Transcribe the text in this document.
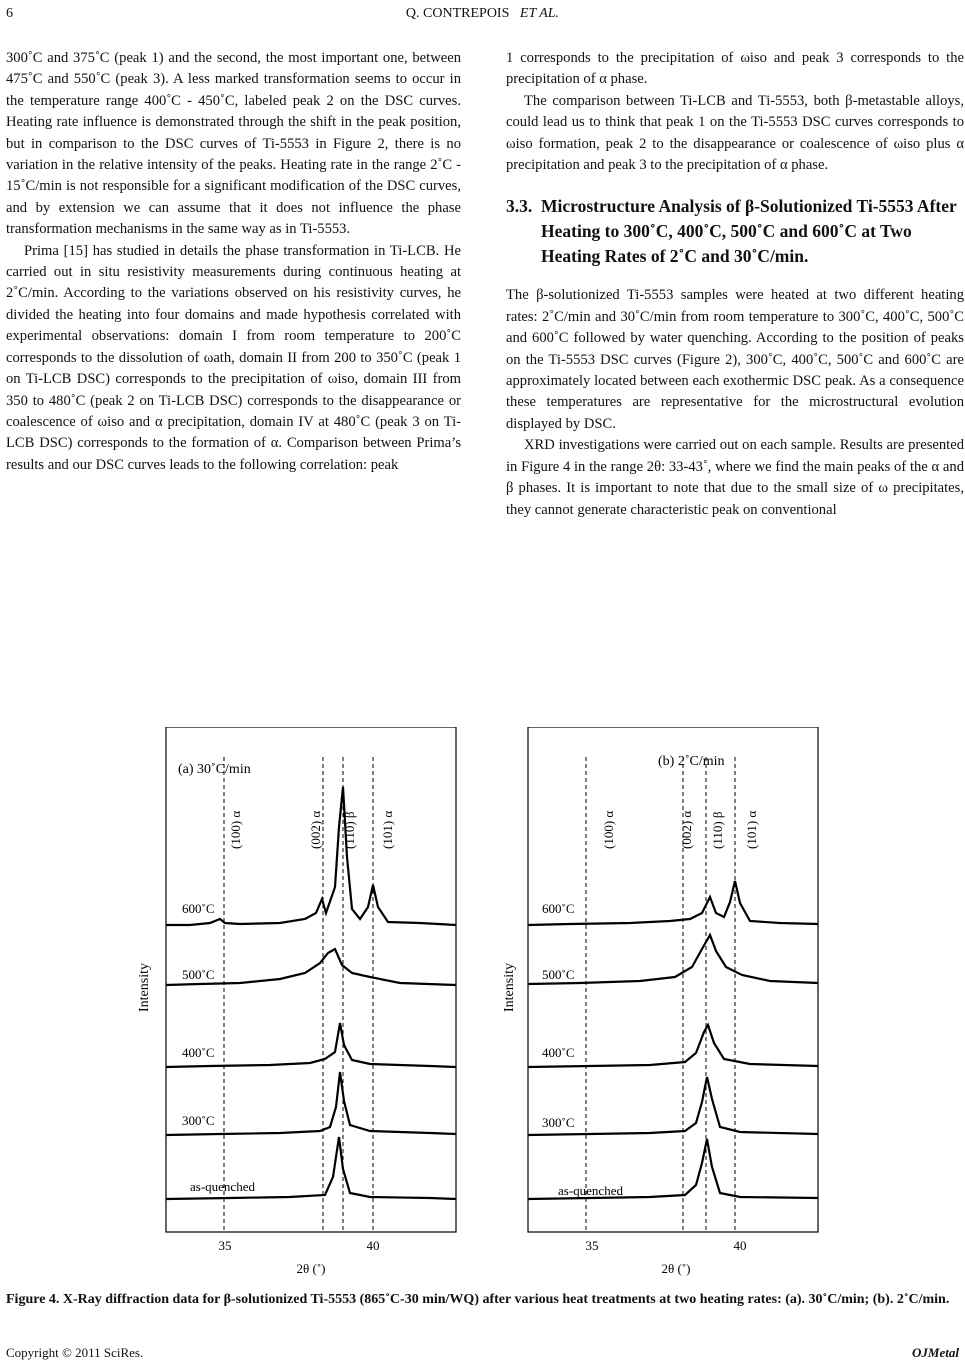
6	Q. CONTREPOIS ET AL.

300˚C and 375˚C (peak 1) and the second, the most important one, between 475˚C and 550˚C (peak 3). A less marked transformation seems to occur in the temperature range 400˚C - 450˚C, labeled peak 2 on the DSC curves. Heating rate influence is demonstrated through the shift in the peak position, but in comparison to the DSC curves of Ti-5553 in Figure 2, there is no variation in the relative intensity of the peaks. Heating rate in the range 2˚C - 15˚C/min is not responsible for a significant modification of the DSC curves, and by extension we can assume that it does not influence the phase transformation mechanisms in the same way as in Ti-5553.

Prima [15] has studied in details the phase transformation in Ti-LCB. He carried out in situ resistivity measurements during continuous heating at 2˚C/min. According to the variations observed on his resistivity curves, he divided the heating into four domains and made hypothesis correlated with experimental observations: domain I from room temperature to 200˚C corresponds to the dissolution of ωath, domain II from 200 to 350˚C (peak 1 on Ti-LCB DSC) corresponds to the precipitation of ωiso, domain III from 350 to 480˚C (peak 2 on Ti-LCB DSC) corresponds to the disappearance or coalescence of ωiso and α precipitation, domain IV at 480˚C (peak 3 on Ti-LCB DSC) corresponds to the formation of α. Comparison between Prima’s results and our DSC curves leads to the following correlation: peak

1 corresponds to the precipitation of ωiso and peak 3 corresponds to the precipitation of α phase.

The comparison between Ti-LCB and Ti-5553, both β-metastable alloys, could lead us to think that peak 1 on the Ti-5553 DSC curves corresponds to ωiso formation, peak 2 to the disappearance or coalescence of ωiso plus α precipitation and peak 3 to the precipitation of α phase.

3.3. Microstructure Analysis of β-Solutionized Ti-5553 After Heating to 300˚C, 400˚C, 500˚C and 600˚C at Two Heating Rates of 2˚C and 30˚C/min.

The β-solutionized Ti-5553 samples were heated at two different heating rates: 2˚C/min and 30˚C/min from room temperature to 300˚C, 400˚C, 500˚C and 600˚C followed by water quenching. According to the position of peaks on the Ti-5553 DSC curves (Figure 2), 300˚C, 400˚C, 500˚C and 600˚C are approximately located between each exothermic DSC peak. As a consequence these temperatures are representative for the microstructural evolution displayed by DSC.

XRD investigations were carried out on each sample. Results are presented in Figure 4 in the range 2θ: 33-43˚, where we find the main peaks of the α and β phases. It is important to note that due to the small size of ω precipitates, they cannot generate characteristic peak on conventional

(a) 30˚C/min
(100) α	(002) α (110) β (101) α
600˚C
500˚C
400˚C
300˚C
as-quenched
Intensity
35	40
2θ (˚)
(b) 2˚C/min
(100) α	(002) α (110) β (101) α
600˚C
500˚C
400˚C
300˚C
as-quenched
Intensity
35	40
2θ (˚)
Figure 4. X-Ray diffraction data for β-solutionized Ti-5553 (865˚C-30 min/WQ) after various heat treatments at two heating rates: (a). 30˚C/min; (b). 2˚C/min.
Copyright © 2011 SciRes.	OJMetal
